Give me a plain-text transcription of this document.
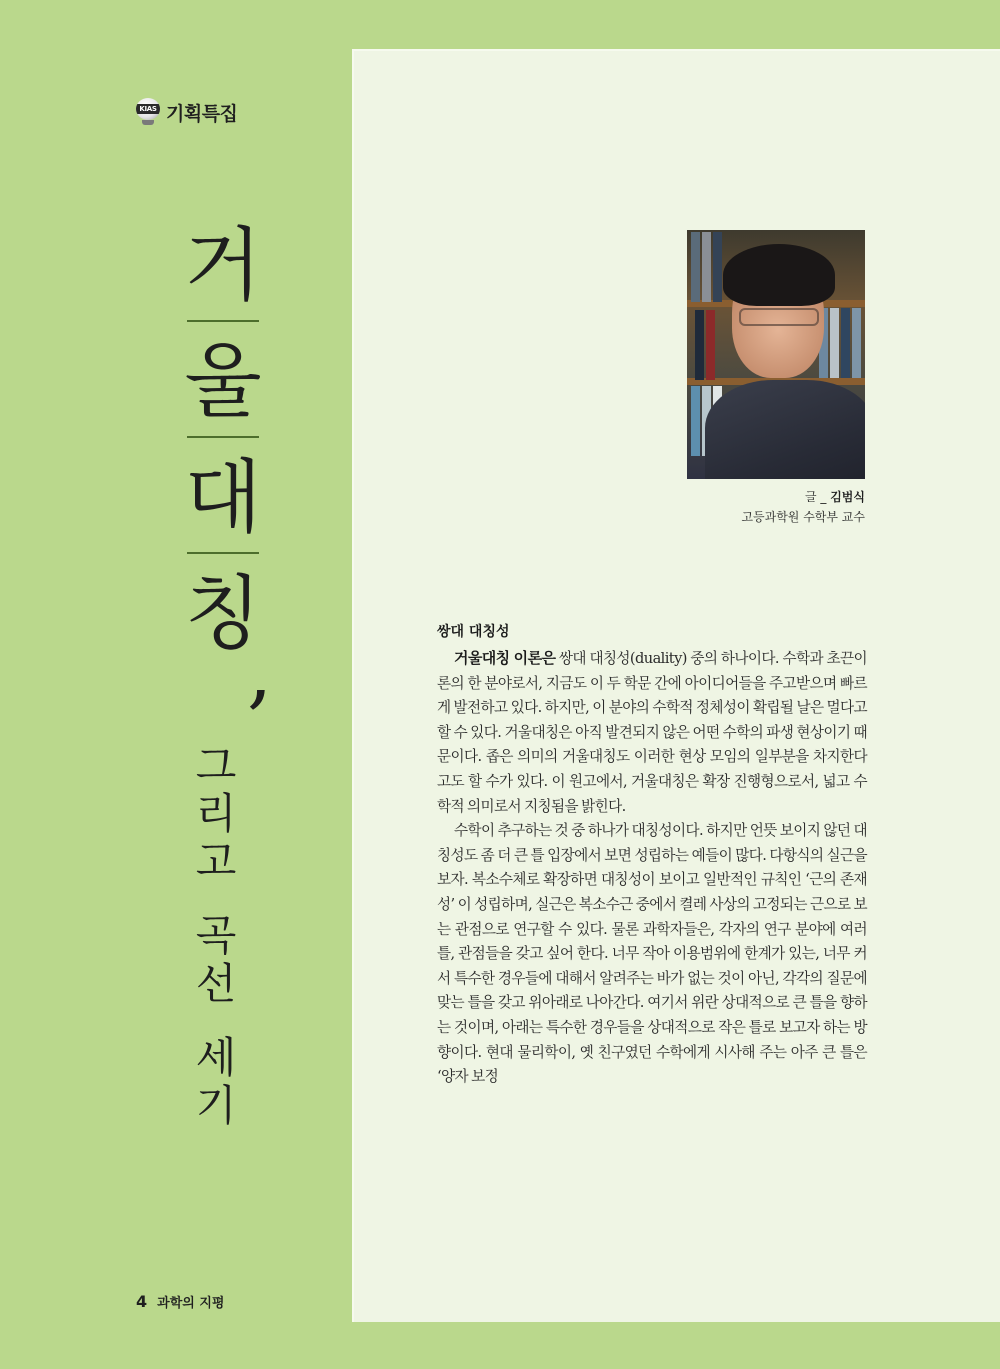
KIAS 기획특집
거
울
대
칭
,
그
리
고
곡
선
세
기
4 과학의 지평
글 _ 김범식
고등과학원 수학부 교수
쌍대 대칭성

거울대칭 이론은 쌍대 대칭성(duality) 중의 하나이다. 수학과 초끈이론의 한 분야로서, 지금도 이 두 학문 간에 아이디어들을 주고받으며 빠르게 발전하고 있다. 하지만, 이 분야의 수학적 정체성이 확립될 날은 멀다고 할 수 있다. 거울대칭은 아직 발견되지 않은 어떤 수학의 파생 현상이기 때문이다. 좁은 의미의 거울대칭도 이러한 현상 모임의 일부분을 차지한다고도 할 수가 있다. 이 원고에서, 거울대칭은 확장 진행형으로서, 넓고 수학적 의미로서 지칭됨을 밝힌다.

수학이 추구하는 것 중 하나가 대칭성이다. 하지만 언뜻 보이지 않던 대칭성도 좀 더 큰 틀 입장에서 보면 성립하는 예들이 많다. 다항식의 실근을 보자. 복소수체로 확장하면 대칭성이 보이고 일반적인 규칙인 ‘근의 존재성’ 이 성립하며, 실근은 복소수근 중에서 켤레 사상의 고정되는 근으로 보는 관점으로 연구할 수 있다. 물론 과학자들은, 각자의 연구 분야에 여러 틀, 관점들을 갖고 싶어 한다. 너무 작아 이용범위에 한계가 있는, 너무 커서 특수한 경우들에 대해서 알려주는 바가 없는 것이 아닌, 각각의 질문에 맞는 틀을 갖고 위아래로 나아간다. 여기서 위란 상대적으로 큰 틀을 향하는 것이며, 아래는 특수한 경우들을 상대적으로 작은 틀로 보고자 하는 방향이다. 현대 물리학이, 옛 친구였던 수학에게 시사해 주는 아주 큰 틀은 ‘양자 보정
